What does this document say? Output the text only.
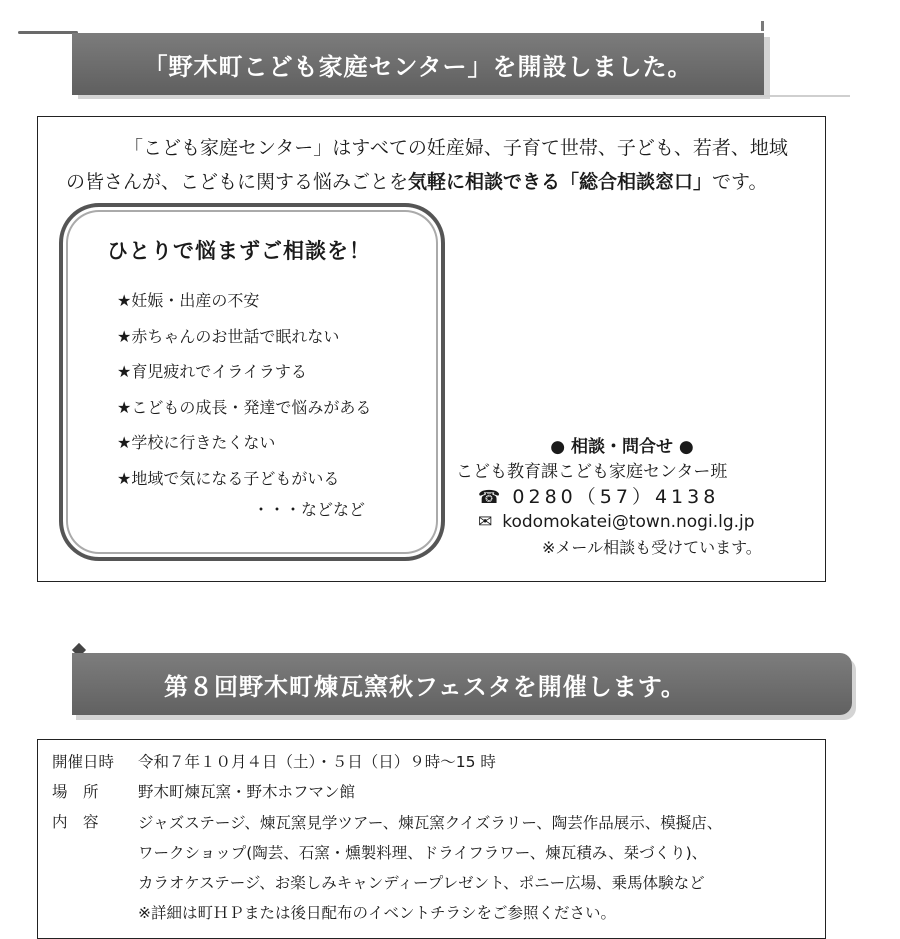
「野木町こども家庭センター」を開設しました。
「こども家庭センター」はすべての妊産婦、子育て世帯、子ども、若者、地域
の皆さんが、こどもに関する悩みごとを気軽に相談できる「総合相談窓口」です。
ひとりで悩まずご相談を！
★妊娠・出産の不安
★赤ちゃんのお世話で眠れない
★育児疲れでイライラする
★こどもの成長・発達で悩みがある
★学校に行きたくない
★地域で気になる子どもがいる
・・・などなど
● 相談・問合せ ●
こども教育課こども家庭センター班
☎ 0280（57）4138
✉ kodomokatei@town.nogi.lg.jp
※メール相談も受けています。
第８回野木町煉瓦窯秋フェスタを開催します。
開催日時 令和７年１０月４日（土）・５日（日）９時～15 時
場　所	野木町煉瓦窯・野木ホフマン館
内　容	ジャズステージ、煉瓦窯見学ツアー、煉瓦窯クイズラリー、陶芸作品展示、模擬店、
ワークショップ(陶芸、石窯・燻製料理、ドライフラワー、煉瓦積み、栞づくり)、
カラオケステージ、お楽しみキャンディープレゼント、ポニー広場、乗馬体験など
※詳細は町ＨＰまたは後日配布のイベントチラシをご参照ください。
